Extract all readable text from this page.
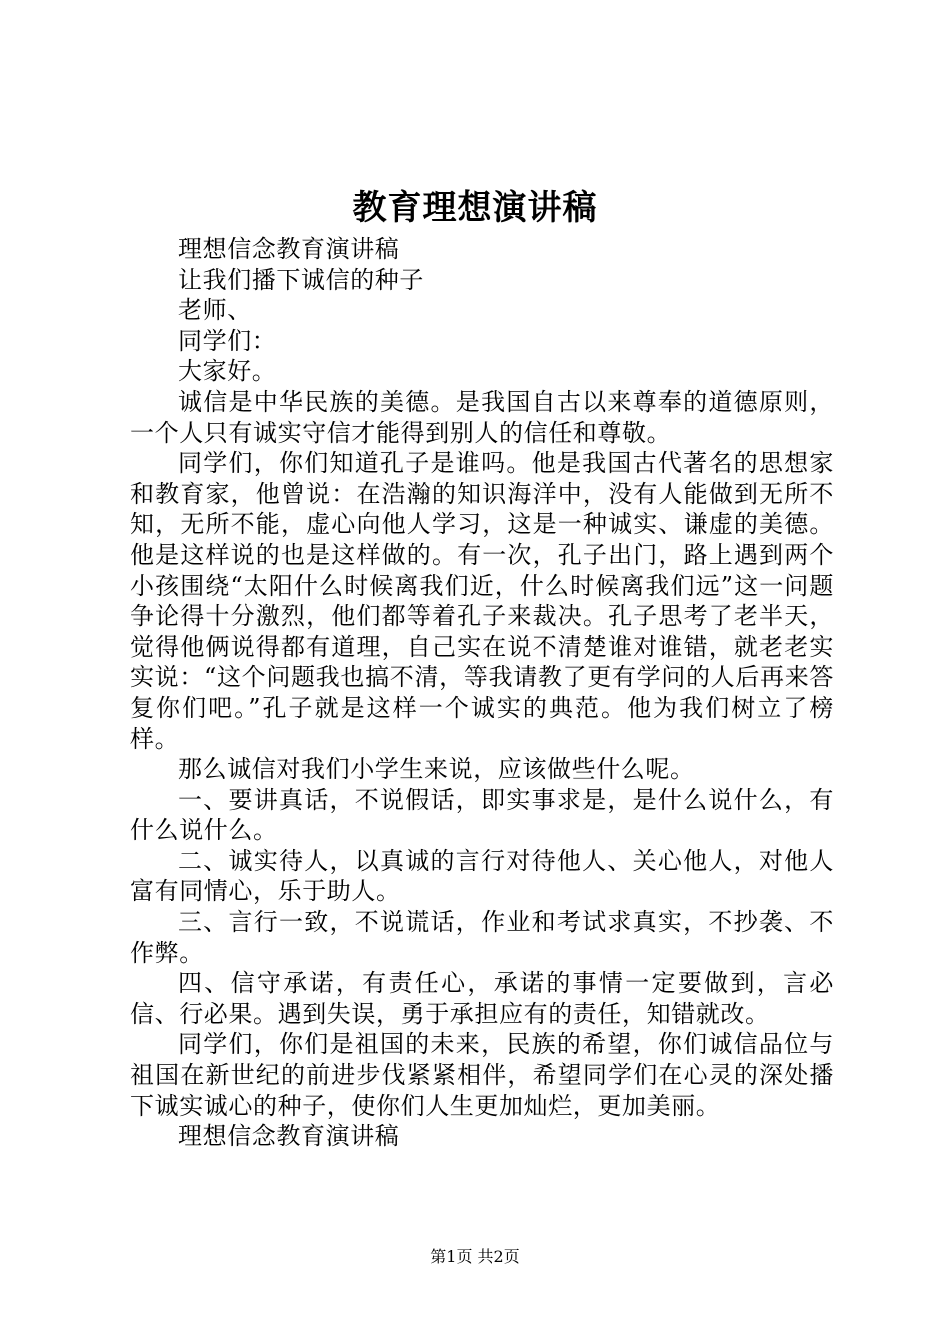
教育理想演讲稿

理想信念教育演讲稿

让我们播下诚信的种子

老师、

同学们：

大家好。

诚信是中华民族的美德。是我国自古以来尊奉的道德原则，一个人只有诚实守信才能得到别人的信任和尊敬。

同学们，你们知道孔子是谁吗。他是我国古代著名的思想家和教育家，他曾说：在浩瀚的知识海洋中，没有人能做到无所不知，无所不能，虚心向他人学习，这是一种诚实、谦虚的美德。他是这样说的也是这样做的。有一次，孔子出门，路上遇到两个小孩围绕“太阳什么时候离我们近，什么时候离我们远”这一问题争论得十分激烈，他们都等着孔子来裁决。孔子思考了老半天，觉得他俩说得都有道理，自己实在说不清楚谁对谁错，就老老实实说：“这个问题我也搞不清，等我请教了更有学问的人后再来答复你们吧。”孔子就是这样一个诚实的典范。他为我们树立了榜样。

那么诚信对我们小学生来说，应该做些什么呢。

一、要讲真话，不说假话，即实事求是，是什么说什么，有什么说什么。

二、诚实待人，以真诚的言行对待他人、关心他人，对他人富有同情心，乐于助人。

三、言行一致，不说谎话，作业和考试求真实，不抄袭、不作弊。

四、信守承诺，有责任心，承诺的事情一定要做到，言必信、行必果。遇到失误，勇于承担应有的责任，知错就改。

同学们，你们是祖国的未来，民族的希望，你们诚信品位与祖国在新世纪的前进步伐紧紧相伴，希望同学们在心灵的深处播下诚实诚心的种子，使你们人生更加灿烂，更加美丽。

理想信念教育演讲稿

第1页 共2页
